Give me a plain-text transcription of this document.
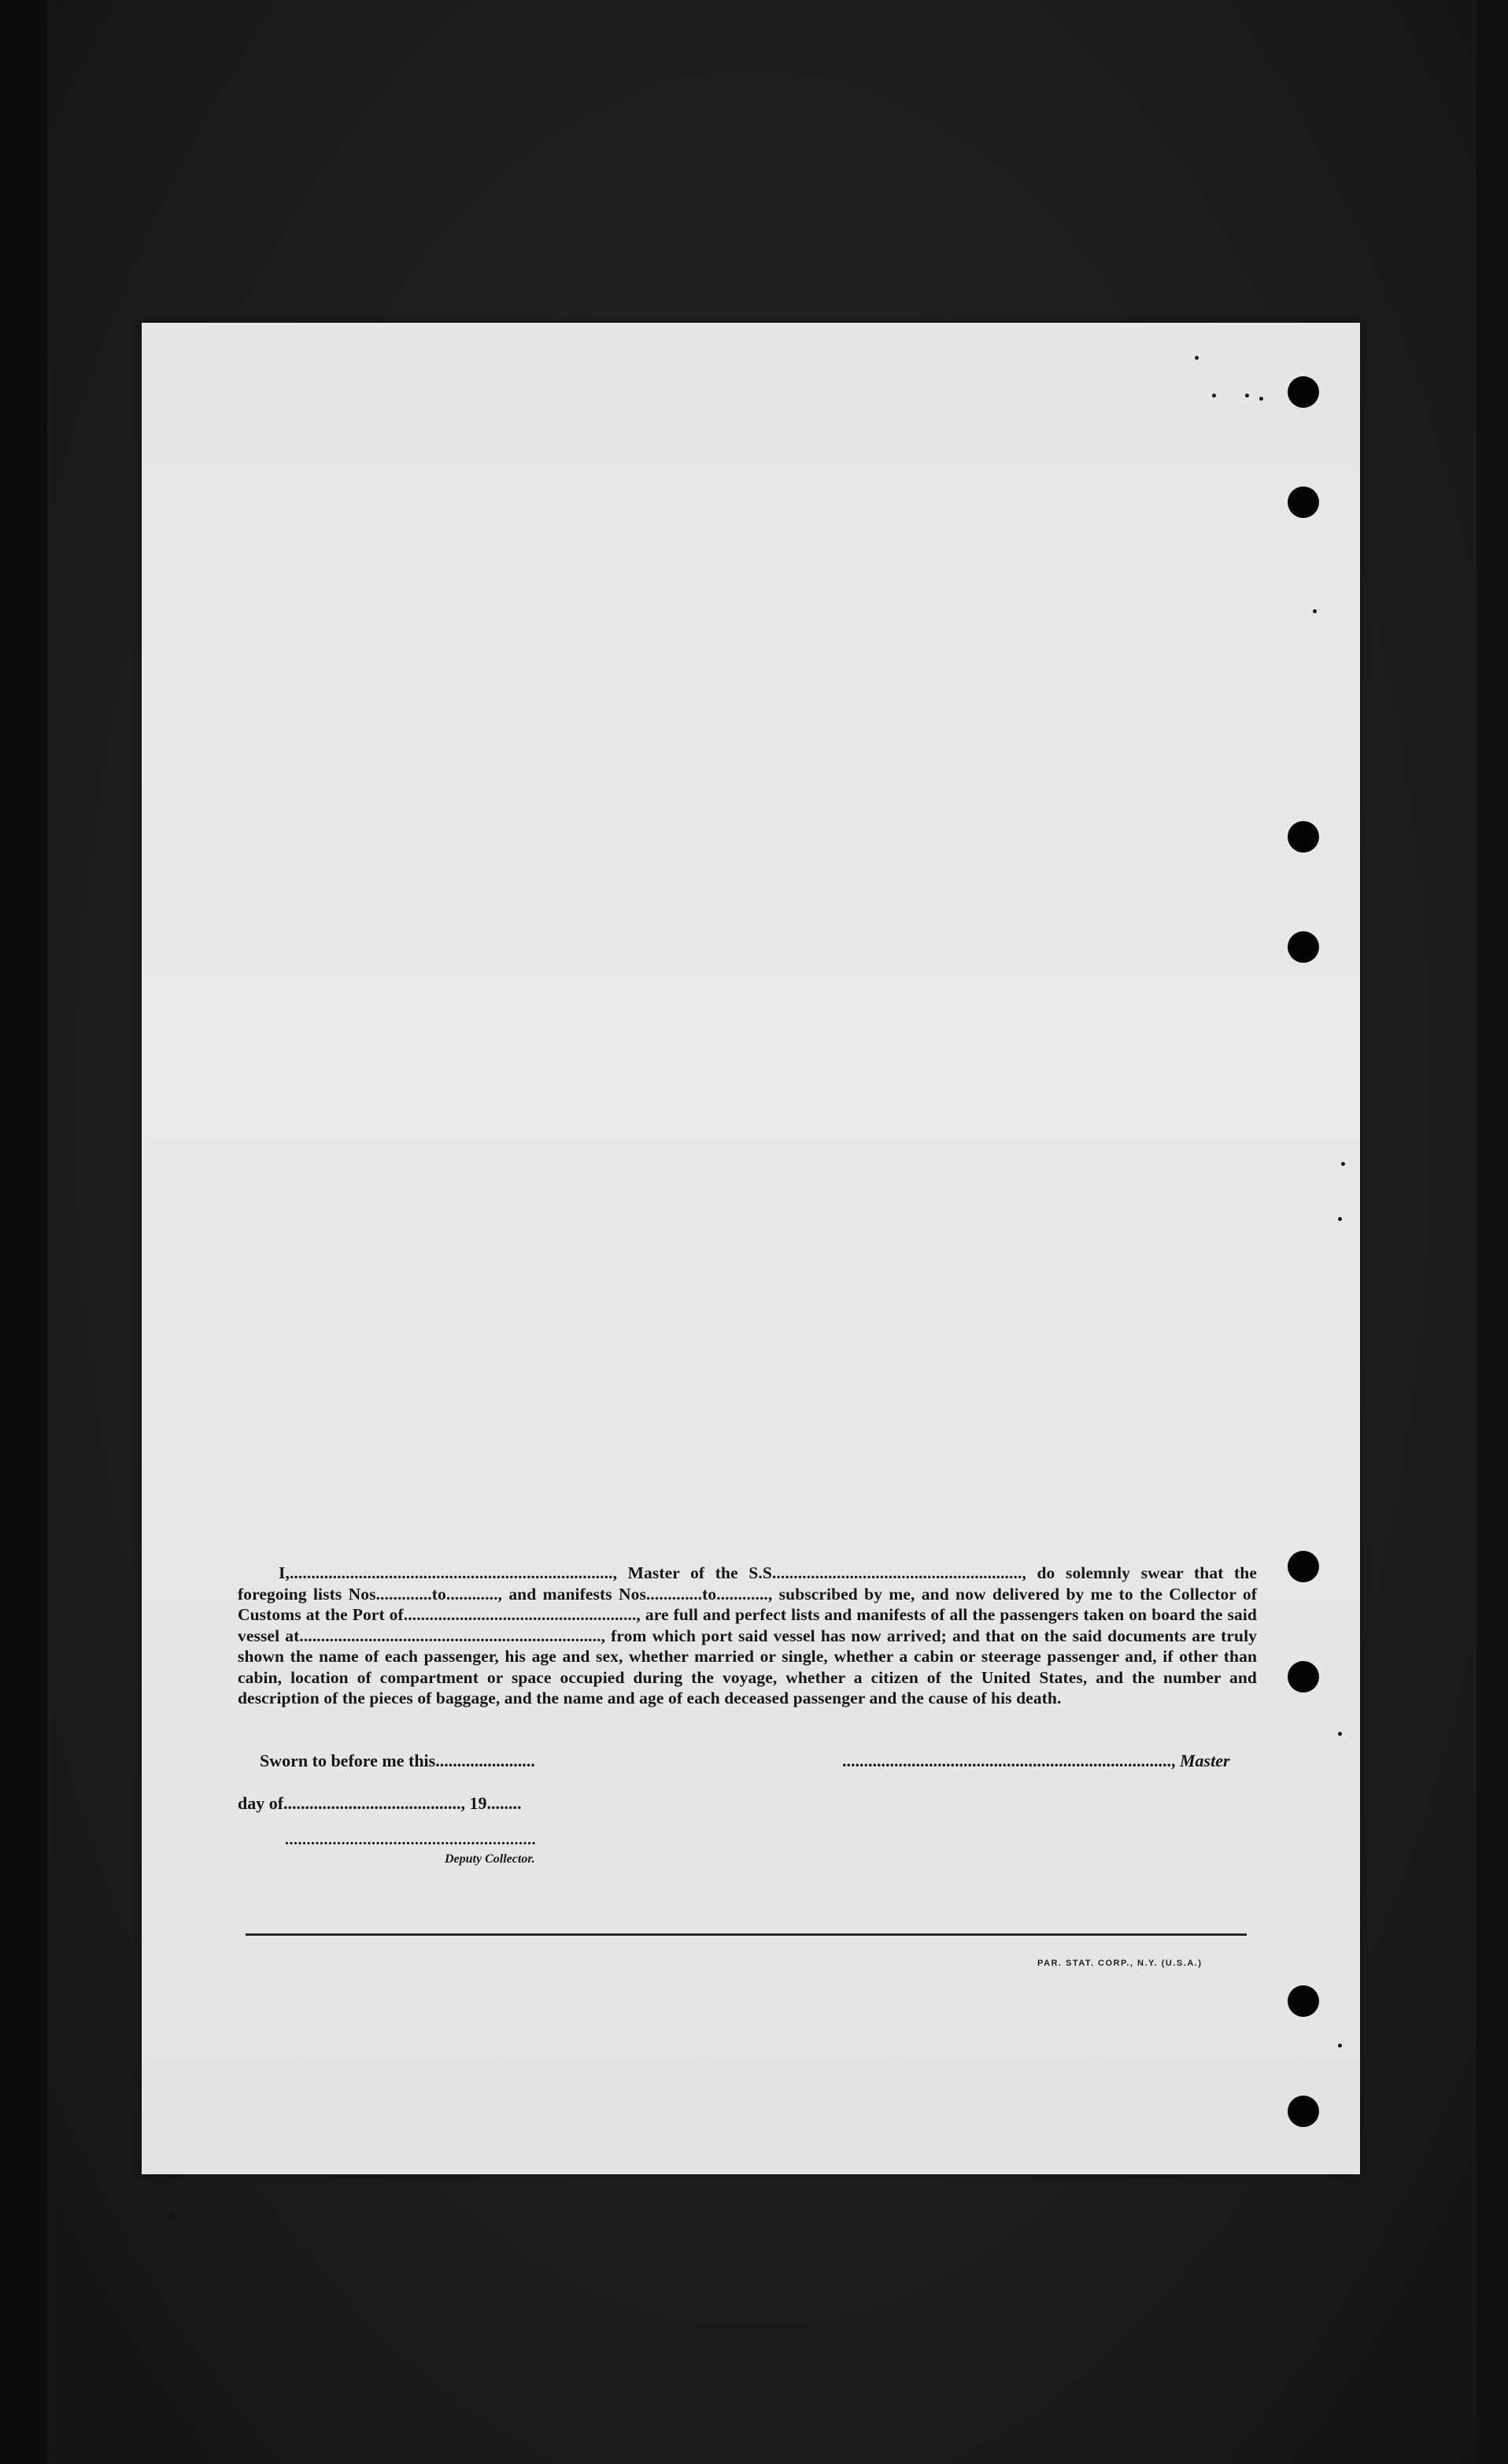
I,..........................................................................., Master of the S.S.........................................................., do solemnly swear that the foregoing lists Nos.............to............, and manifests Nos.............to............, subscribed by me, and now delivered by me to the Collector of Customs at the Port of......................................................, are full and perfect lists and manifests of all the passengers taken on board the said vessel at......................................................................, from which port said vessel has now arrived; and that on the said documents are truly shown the name of each passenger, his age and sex, whether married or single, whether a cabin or steerage passenger and, if other than cabin, location of compartment or space occupied during the voyage, whether a citizen of the United States, and the number and description of the pieces of baggage, and the name and age of each deceased passenger and the cause of his death.
Sworn to before me this.......................	............................................................................, Master
day of........................................., 19........
..........................................................
Deputy Collector.
PAR. STAT. CORP., N.Y. (U.S.A.)
